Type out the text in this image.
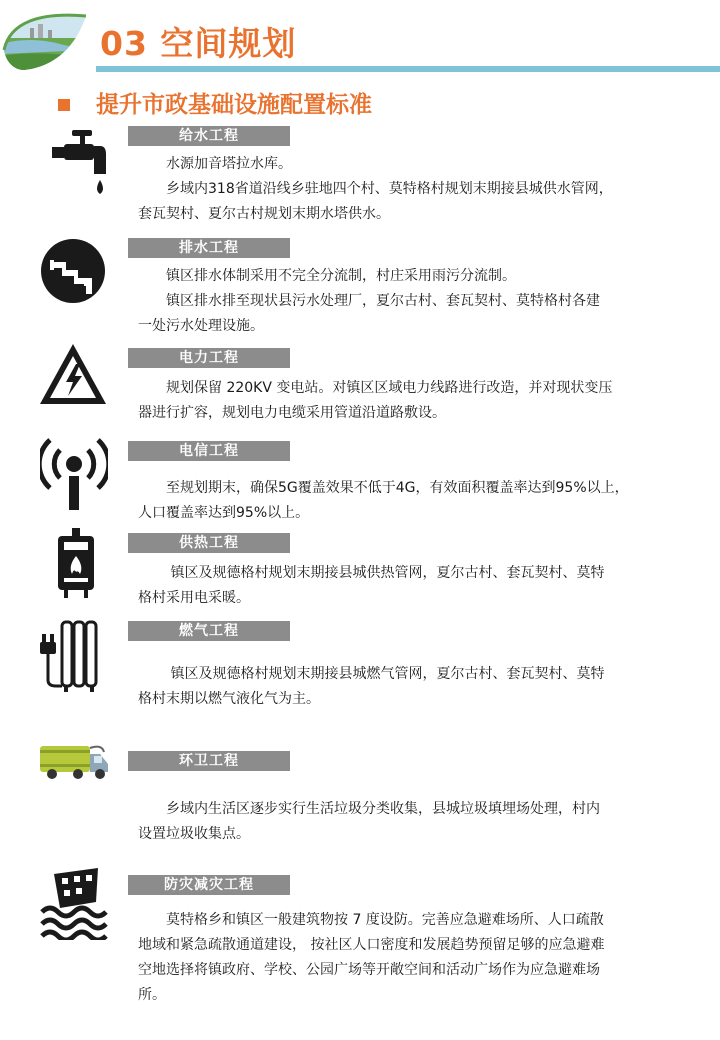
03 空间规划
提升市政基础设施配置标准
给水工程
　　水源加音塔拉水库。
　　乡域内318省道沿线乡驻地四个村、莫特格村规划末期接县城供水管网，
套瓦契村、夏尔古村规划末期水塔供水。
排水工程
　　镇区排水体制采用不完全分流制，村庄采用雨污分流制。
　　镇区排水排至现状县污水处理厂，夏尔古村、套瓦契村、莫特格村各建
一处污水处理设施。
电力工程
　　规划保留 220KV 变电站。对镇区区域电力线路进行改造，并对现状变压
器进行扩容，规划电力电缆采用管道沿道路敷设。
电信工程
　　至规划期末，确保5G覆盖效果不低于4G，有效面积覆盖率达到95%以上，
人口覆盖率达到95%以上。
供热工程
　　 镇区及规德格村规划末期接县城供热管网，夏尔古村、套瓦契村、莫特
格村采用电采暖。
燃气工程
　　 镇区及规德格村规划末期接县城燃气管网，夏尔古村、套瓦契村、莫特
格村末期以燃气液化气为主。
环卫工程
　　乡域内生活区逐步实行生活垃圾分类收集，县城垃圾填埋场处理，村内
设置垃圾收集点。
防灾减灾工程
　　莫特格乡和镇区一般建筑物按 7 度设防。完善应急避难场所、人口疏散
地域和紧急疏散通道建设， 按社区人口密度和发展趋势预留足够的应急避难
空地选择将镇政府、学校、公园广场等开敞空间和活动广场作为应急避难场
所。
